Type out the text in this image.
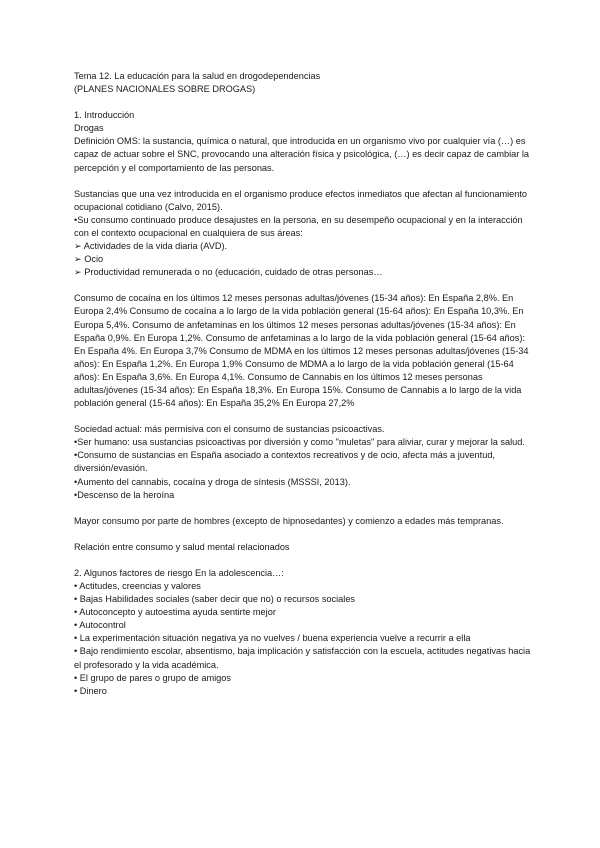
Tema 12. La educación para la salud en drogodependencias

(PLANES NACIONALES SOBRE DROGAS)

1. Introducción

Drogas

Definición OMS: la sustancia, química o natural, que introducida en un organismo vivo por cualquier vía (…) es capaz de actuar sobre el SNC, provocando una alteración física y psicológica, (…) es decir capaz de cambiar la percepción y el comportamiento de las personas.

Sustancias que una vez introducida en el organismo produce efectos inmediatos que afectan al funcionamiento ocupacional cotidiano (Calvo, 2015).

•Su consumo continuado produce desajustes en la persona, en su desempeño ocupacional y en la interacción con el contexto ocupacional en cualquiera de sus áreas:

➢ Actividades de la vida diaria (AVD).

➢ Ocio

➢ Productividad remunerada o no (educación, cuidado de otras personas…

Consumo de cocaína en los últimos 12 meses personas adultas/jóvenes (15-34 años): En España 2,8%. En Europa 2,4% Consumo de cocaína a lo largo de la vida población general (15-64 años): En España 10,3%. En Europa 5,4%. Consumo de anfetaminas en los últimos 12 meses personas adultas/jóvenes (15-34 años): En España 0,9%. En Europa 1,2%. Consumo de anfetaminas a lo largo de la vida población general (15-64 años): En España 4%. En Europa 3,7% Consumo de MDMA en los últimos 12 meses personas adultas/jóvenes (15-34 años): En España 1,2%. En Europa 1,9% Consumo de MDMA a lo largo de la vida población general (15-64 años): En España 3,6%. En Europa 4,1%. Consumo de Cannabis en los últimos 12 meses personas adultas/jóvenes (15-34 años): En España 18,3%. En Europa 15%. Consumo de Cannabis a lo largo de la vida población general (15-64 años): En España 35,2% En Europa 27,2%

Sociedad actual: más permisiva con el consumo de sustancias psicoactivas.

•Ser humano: usa sustancias psicoactivas por diversión y como "muletas" para aliviar, curar y mejorar la salud.

•Consumo de sustancias en España asociado a contextos recreativos y de ocio, afecta más a juventud, diversión/evasión.

•Aumento del cannabis, cocaína y droga de síntesis (MSSSI, 2013).

•Descenso de la heroína

Mayor consumo por parte de hombres (excepto de hipnosedantes) y comienzo a edades más tempranas.

Relación entre consumo y salud mental relacionados

2. Algunos factores de riesgo En la adolescencia…:

• Actitudes, creencias y valores

• Bajas Habilidades sociales (saber decir que no) o recursos sociales

• Autoconcepto y autoestima ayuda sentirte mejor

• Autocontrol

• La experimentación situación negativa ya no vuelves / buena experiencia vuelve a recurrir a ella

• Bajo rendimiento escolar, absentismo, baja implicación y satisfacción con la escuela, actitudes negativas hacia el profesorado y la vida académica.

• El grupo de pares o grupo de amigos

• Dinero
